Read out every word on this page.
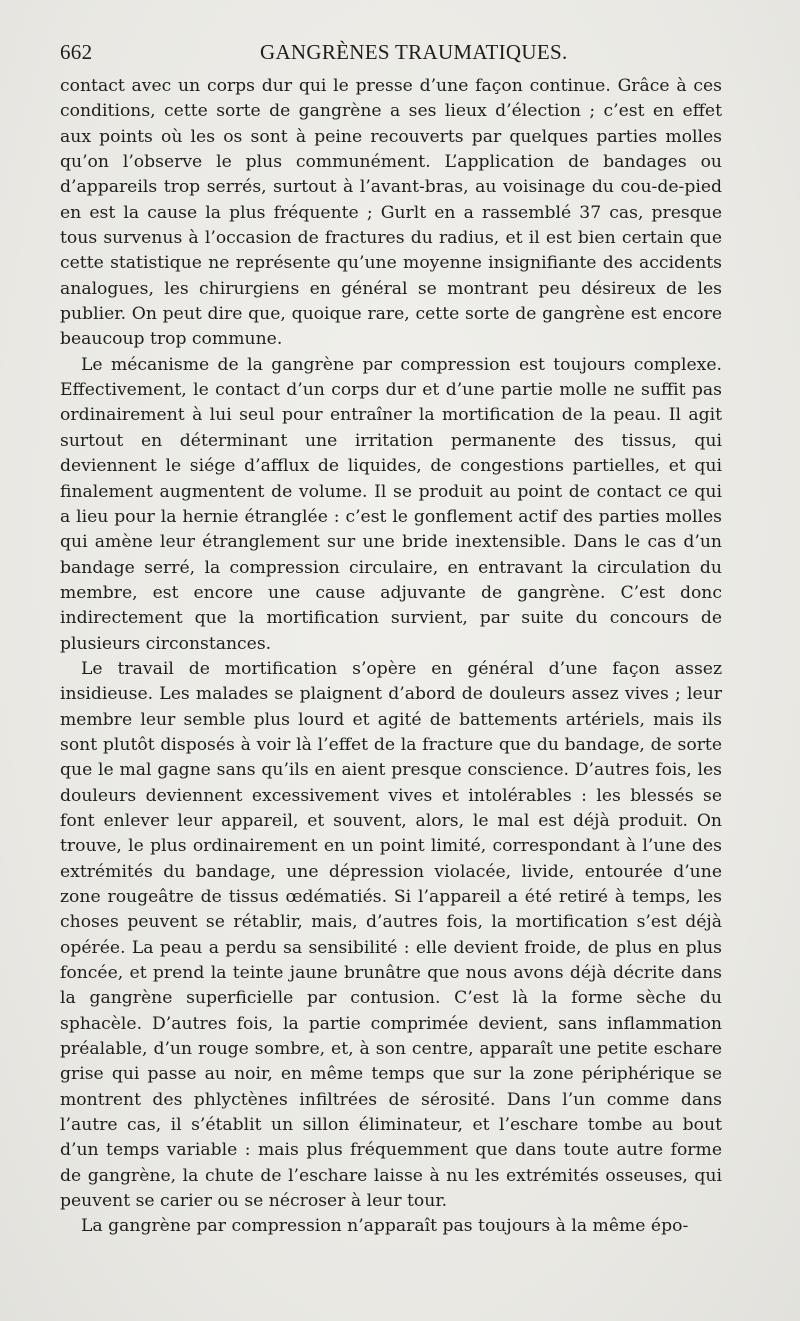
662	GANGRÈNES TRAUMATIQUES.

contact avec un corps dur qui le presse d’une façon continue. Grâce à ces conditions, cette sorte de gangrène a ses lieux d’élection ; c’est en effet aux points où les os sont à peine recouverts par quelques parties molles qu’on l’observe le plus communément. L’application de bandages ou d’appareils trop serrés, surtout à l’avant-bras, au voisinage du cou-de-pied en est la cause la plus fréquente ; Gurlt en a rassemblé 37 cas, presque tous survenus à l’occasion de fractures du radius, et il est bien certain que cette statistique ne représente qu’une moyenne insignifiante des accidents analogues, les chirurgiens en général se montrant peu désireux de les publier. On peut dire que, quoique rare, cette sorte de gangrène est encore beaucoup trop commune.

Le mécanisme de la gangrène par compression est toujours complexe. Effectivement, le contact d’un corps dur et d’une partie molle ne suffit pas ordinairement à lui seul pour entraîner la mortification de la peau. Il agit surtout en déterminant une irritation permanente des tissus, qui deviennent le siége d’afflux de liquides, de congestions partielles, et qui finalement augmentent de volume. Il se produit au point de contact ce qui a lieu pour la hernie étranglée : c’est le gonflement actif des parties molles qui amène leur étranglement sur une bride inextensible. Dans le cas d’un bandage serré, la compression circulaire, en entravant la circulation du membre, est encore une cause adjuvante de gangrène. C’est donc indirectement que la mortification survient, par suite du concours de plusieurs circonstances.

Le travail de mortification s’opère en général d’une façon assez insidieuse. Les malades se plaignent d’abord de douleurs assez vives ; leur membre leur semble plus lourd et agité de battements artériels, mais ils sont plutôt disposés à voir là l’effet de la fracture que du bandage, de sorte que le mal gagne sans qu’ils en aient presque conscience. D’autres fois, les douleurs deviennent excessivement vives et intolérables : les blessés se font enlever leur appareil, et souvent, alors, le mal est déjà produit. On trouve, le plus ordinairement en un point limité, correspondant à l’une des extrémités du bandage, une dépression violacée, livide, entourée d’une zone rougeâtre de tissus œdématiés. Si l’appareil a été retiré à temps, les choses peuvent se rétablir, mais, d’autres fois, la mortification s’est déjà opérée. La peau a perdu sa sensibilité : elle devient froide, de plus en plus foncée, et prend la teinte jaune brunâtre que nous avons déjà décrite dans la gangrène superficielle par contusion. C’est là la forme sèche du sphacèle. D’autres fois, la partie comprimée devient, sans inflammation préalable, d’un rouge sombre, et, à son centre, apparaît une petite eschare grise qui passe au noir, en même temps que sur la zone périphérique se montrent des phlyctènes infiltrées de sérosité. Dans l’un comme dans l’autre cas, il s’établit un sillon éliminateur, et l’eschare tombe au bout d’un temps variable : mais plus fréquemment que dans toute autre forme de gangrène, la chute de l’eschare laisse à nu les extrémités osseuses, qui peuvent se carier ou se nécroser à leur tour.

La gangrène par compression n’apparaît pas toujours à la même épo-
